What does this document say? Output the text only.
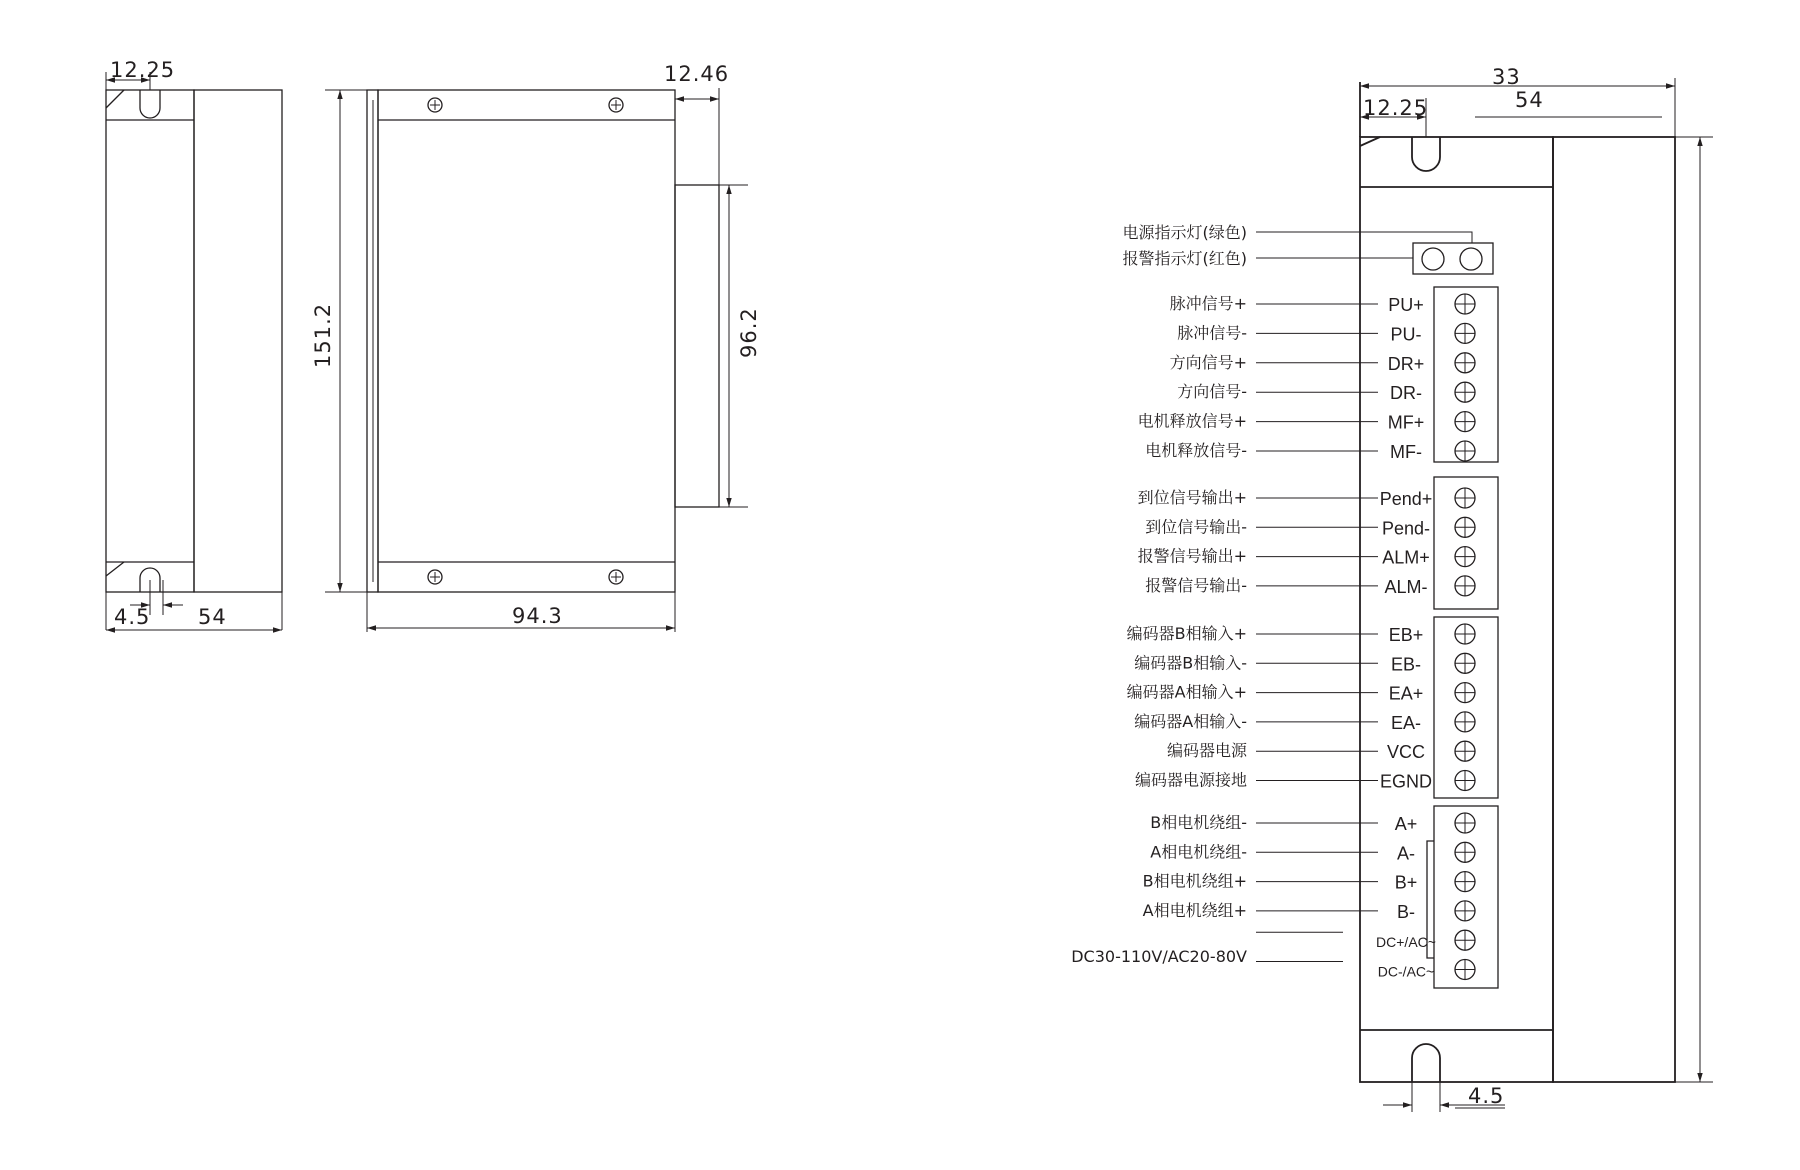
12.25
4.5 54
151.2
12.46
96.2
94.3
33
54
12.25
4.5
电源指示灯(绿色)
报警指示灯(红色)
PU+
脉冲信号+
PU-
脉冲信号-
DR+
方向信号+
DR-
方向信号-
MF+
电机释放信号+
MF-
电机释放信号-
Pend+
到位信号输出+
Pend-
到位信号输出-
ALM+
报警信号输出+
ALM-
报警信号输出-
EB+
编码器B相输入+
EB-
编码器B相输入-
EA+
编码器A相输入+
EA-
编码器A相输入-
VCC
编码器电源
EGND
编码器电源接地
A+
B相电机绕组-
A-
A相电机绕组-
B+
B相电机绕组+
B-
A相电机绕组+
DC+/AC~
DC-/AC~
DC30-110V/AC20-80V
